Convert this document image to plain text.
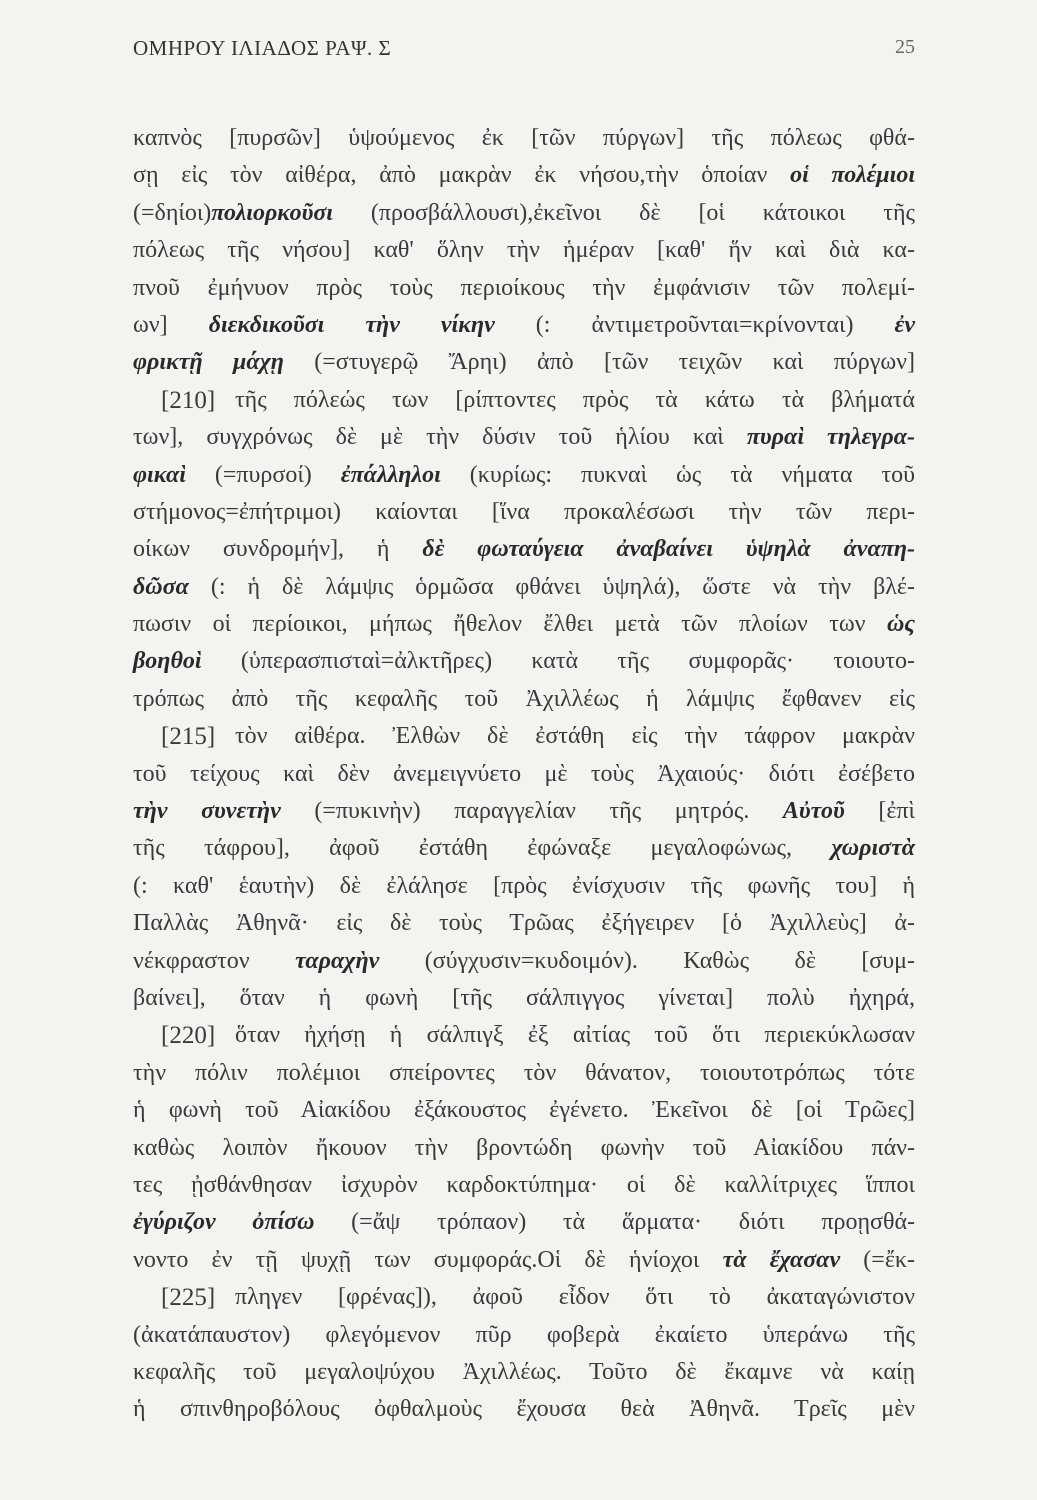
ΟΜΗΡΟΥ ΙΛΙΑΔΟΣ ΡΑΨ. Σ	25
καπνὸς [πυρσῶν] ὑψούμενος ἐκ [τῶν πύργων] τῆς πόλεως φθά-
σῃ εἰς τὸν αἰθέρα, ἀπὸ μακρὰν ἐκ νήσου,τὴν ὁποίαν οἱ πολέμιοι
(=δηίοι)πολιορκοῦσι (προσβάλλουσι),ἐκεῖνοι δὲ [οἱ κάτοικοι τῆς
πόλεως τῆς νήσου] καθ' ὅλην τὴν ἡμέραν [καθ' ἥν καὶ διὰ κα-
πνοῦ ἐμήνυον πρὸς τοὺς περιοίκους τὴν ἐμφάνισιν τῶν πολεμί-
ων] διεκδικοῦσι τὴν νίκην (: ἀντιμετροῦνται=κρίνονται) ἐν
φρικτῇ μάχῃ (=στυγερῷ Ἄρηι) ἀπὸ [τῶν τειχῶν καὶ πύργων]
[210] τῆς πόλεώς των [ρίπτοντες πρὸς τὰ κάτω τὰ βλήματά
των], συγχρόνως δὲ μὲ τὴν δύσιν τοῦ ἡλίου καὶ πυραὶ τηλεγρα-
φικαὶ (=πυρσοί) ἐπάλληλοι (κυρίως: πυκναὶ ὡς τὰ νήματα τοῦ
στήμονος=ἐπήτριμοι) καίονται [ἵνα προκαλέσωσι τὴν τῶν περι-
οίκων συνδρομήν], ἡ δὲ φωταύγεια ἀναβαίνει ὑψηλὰ ἀναπη-
δῶσα (: ἡ δὲ λάμψις ὁρμῶσα φθάνει ὑψηλά), ὥστε νὰ τὴν βλέ-
πωσιν οἱ περίοικοι, μήπως ἤθελον ἔλθει μετὰ τῶν πλοίων των ὡς
βοηθοὶ (ὑπερασπισταὶ=ἀλκτῆρες) κατὰ τῆς συμφορᾶς· τοιουτο-
τρόπως ἀπὸ τῆς κεφαλῆς τοῦ Ἀχιλλέως ἡ λάμψις ἔφθανεν εἰς
[215] τὸν αἰθέρα. Ἐλθὼν δὲ ἐστάθη εἰς τὴν τάφρον μακρὰν
τοῦ τείχους καὶ δὲν ἀνεμειγνύετο μὲ τοὺς Ἀχαιούς· διότι ἐσέβετο
τὴν συνετὴν (=πυκινὴν) παραγγελίαν τῆς μητρός. Αὐτοῦ [ἐπὶ
τῆς τάφρου], ἀφοῦ ἐστάθη ἐφώναξε μεγαλοφώνως, χωριστὰ
(: καθ' ἑαυτὴν) δὲ ἐλάλησε [πρὸς ἐνίσχυσιν τῆς φωνῆς του] ἡ
Παλλὰς Ἀθηνᾶ· εἰς δὲ τοὺς Τρῶας ἐξήγειρεν [ὁ Ἀχιλλεὺς] ἀ-
νέκφραστον ταραχὴν (σύγχυσιν=κυδοιμόν). Καθὼς δὲ [συμ-
βαίνει], ὅταν ἡ φωνὴ [τῆς σάλπιγγος γίνεται] πολὺ ἠχηρά,
[220] ὅταν ἠχήσῃ ἡ σάλπιγξ ἐξ αἰτίας τοῦ ὅτι περιεκύκλωσαν
τὴν πόλιν πολέμιοι σπείροντες τὸν θάνατον, τοιουτοτρόπως τότε
ἡ φωνὴ τοῦ Αἰακίδου ἐξάκουστος ἐγένετο. Ἐκεῖνοι δὲ [οἱ Τρῶες]
καθὼς λοιπὸν ἤκουον τὴν βροντώδη φωνὴν τοῦ Αἰακίδου πάν-
τες ᾐσθάνθησαν ἰσχυρὸν καρδοκτύπημα· οἱ δὲ καλλίτριχες ἵπποι
ἐγύριζον ὀπίσω (=ἄψ τρόπαον) τὰ ἅρματα· διότι προῃσθά-
νοντο ἐν τῇ ψυχῇ των συμφοράς.Οἱ δὲ ἡνίοχοι τὰ ἔχασαν (=ἔκ-
[225] πληγεν [φρένας]), ἀφοῦ εἶδον ὅτι τὸ ἀκαταγώνιστον
(ἀκατάπαυστον) φλεγόμενον πῦρ φοβερὰ ἐκαίετο ὑπεράνω τῆς
κεφαλῆς τοῦ μεγαλοψύχου Ἀχιλλέως. Τοῦτο δὲ ἔκαμνε νὰ καίῃ
ἡ σπινθηροβόλους ὀφθαλμοὺς ἔχουσα θεὰ Ἀθηνᾶ. Τρεῖς μὲν
